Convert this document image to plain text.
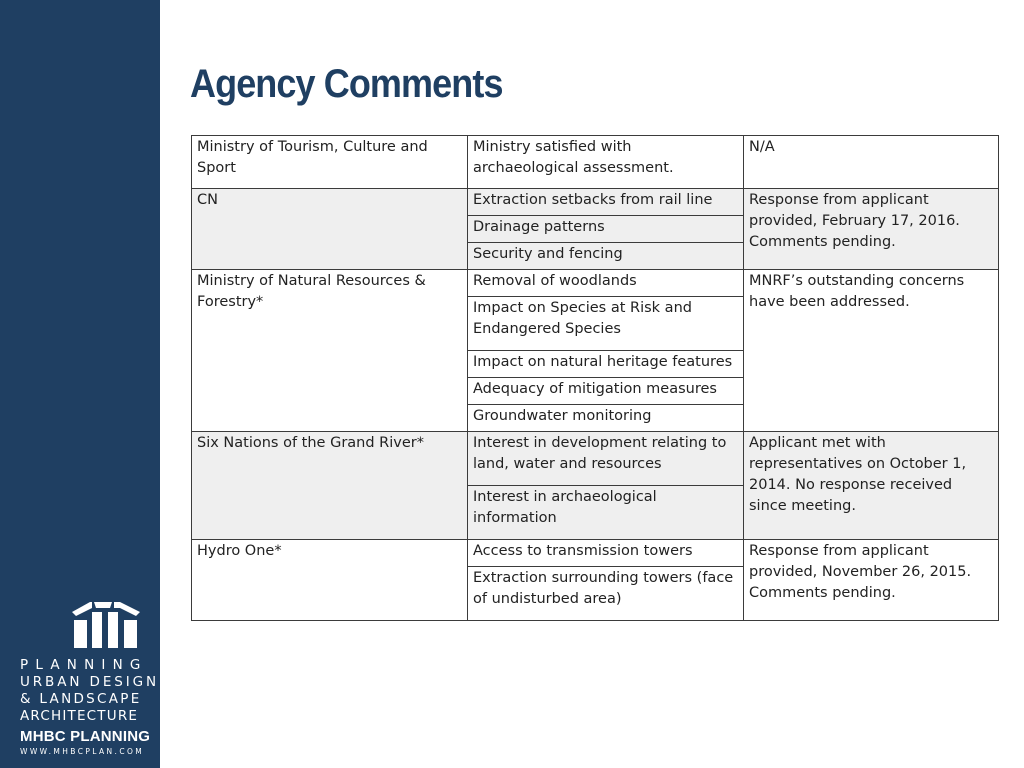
PLANNING
URBAN DESIGN
& LANDSCAPE
ARCHITECTURE
MHBC PLANNING
WWW.MHBCPLAN.COM
Agency Comments
Ministry of Tourism, Culture and Sport	Ministry satisfied with archaeological assessment.	N/A
CN	Extraction setbacks from rail line	Response from applicant provided, February 17, 2016. Comments pending.
	Drainage patterns	
	Security and fencing	
Ministry of Natural Resources & Forestry*	Removal of woodlands	MNRF’s outstanding concerns have been addressed.
	Impact on Species at Risk and Endangered Species	
	Impact on natural heritage features	
	Adequacy of mitigation measures	
	Groundwater monitoring	
Six Nations of the Grand River*	Interest in development relating to land, water and resources	Applicant met with representatives on October 1, 2014. No response received since meeting.
	Interest in archaeological information	
Hydro One*	Access to transmission towers	Response from applicant provided, November 26, 2015. Comments pending.
	Extraction surrounding towers (face of undisturbed area)	
